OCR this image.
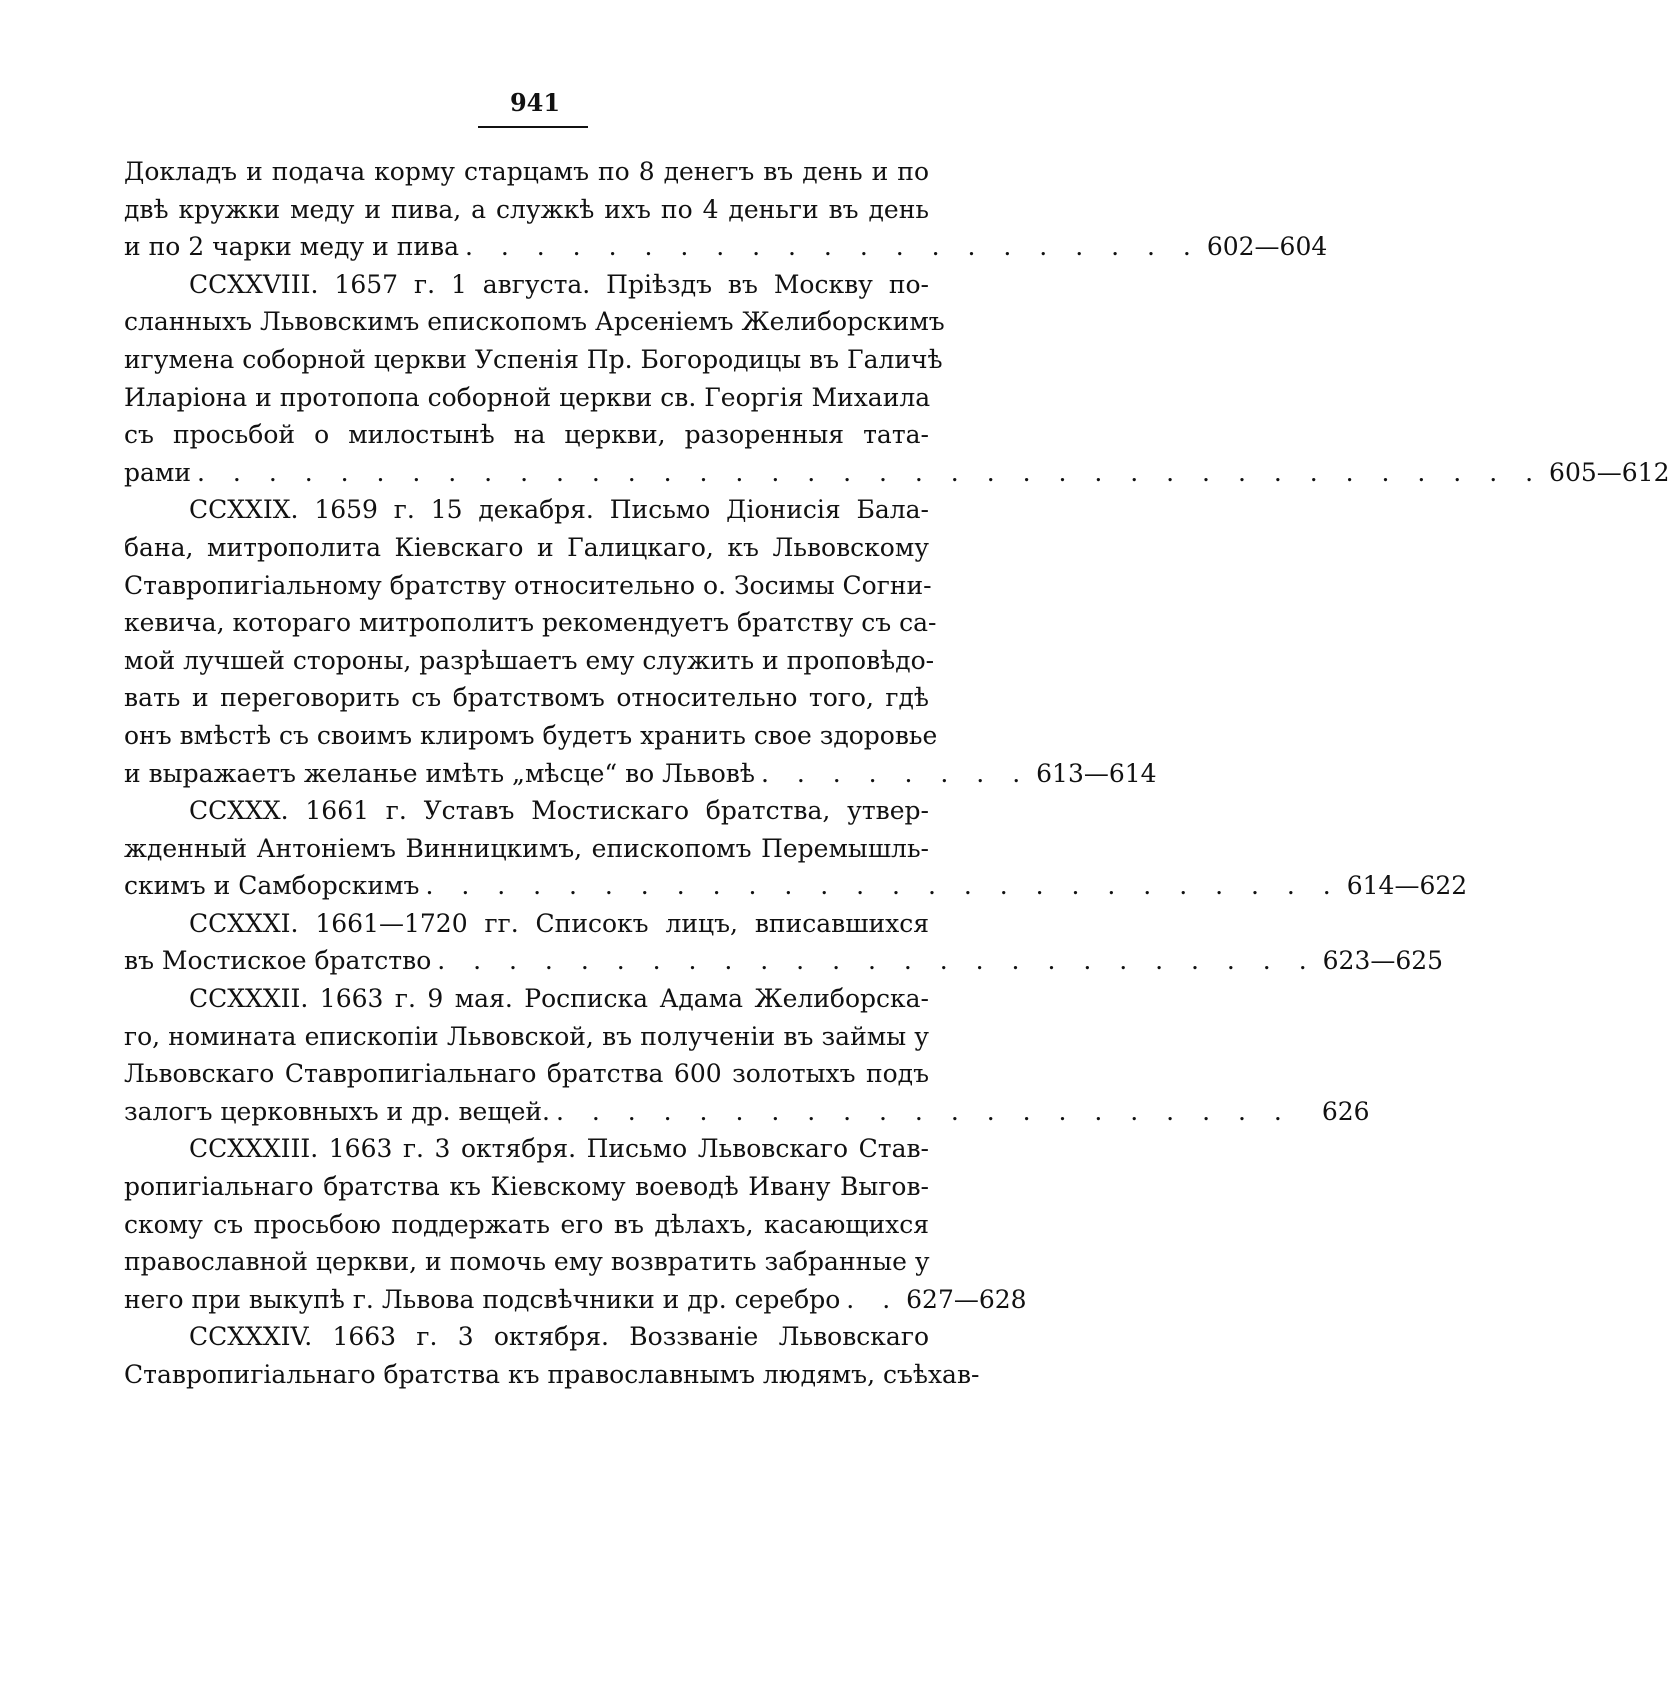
941
Докладъ и подача корму старцамъ по 8 денегъ въ день и по
двѣ кружки меду и пива, а служкѣ ихъ по 4 деньги въ день
и по 2 чарки меду и пива . . . . . . . . . . . . . . . . . . . . . 602—604
CCXXVIII. 1657 г. 1 августа. Пріѣздъ въ Москву по-
сланныхъ Львовскимъ епископомъ Арсеніемъ Желиборскимъ
игумена соборной церкви Успенія Пр. Богородицы въ Галичѣ
Иларіона и протопопа соборной церкви св. Георгія Михаила
съ просьбой о милостынѣ на церкви, разоренныя тата-
рами . . . . . . . . . . . . . . . . . . . . . . . . . . . . . . . . . . . . . . 605—612
CCXXIX. 1659 г. 15 декабря. Письмо Діонисія Бала-
бана, митрополита Кіевскаго и Галицкаго, къ Львовскому
Ставропигіальному братству относительно о. Зосимы Согни-
кевича, котораго митрополитъ рекомендуетъ братству съ са-
мой лучшей стороны, разрѣшаетъ ему служить и проповѣдо-
вать и переговорить съ братствомъ относительно того, гдѣ
онъ вмѣстѣ съ своимъ клиромъ будетъ хранить свое здоровье
и выражаетъ желанье имѣть „мѣсце“ во Львовѣ . . . . . . . . 613—614
CCXXX. 1661 г. Уставъ Мостискаго братства, утвер-
жденный Антоніемъ Винницкимъ, епископомъ Перемышль-
скимъ и Самборскимъ . . . . . . . . . . . . . . . . . . . . . . . . . . 614—622
CCXXXI. 1661—1720 гг. Списокъ лицъ, вписавшихся
въ Мостиское братство . . . . . . . . . . . . . . . . . . . . . . . . . 623—625
CCXXXII. 1663 г. 9 мая. Росписка Адама Желиборска-
го, номината епископіи Львовской, въ полученіи въ займы у
Львовскаго Ставропигіальнаго братства 600 золотыхъ подъ
залогъ церковныхъ и др. вещей. . . . . . . . . . . . . . . . . . . . . .	626
CCXXXIII. 1663 г. 3 октября. Письмо Львовскаго Став-
ропигіальнаго братства къ Кіевскому воеводѣ Ивану Выгов-
скому съ просьбою поддержать его въ дѣлахъ, касающихся
православной церкви, и помочь ему возвратить забранные у
него при выкупѣ г. Львова подсвѣчники и др. серебро . . 627—628
CCXXXIV. 1663 г. 3 октября. Воззваніе Львовскаго
Ставропигіальнаго братства къ православнымъ людямъ, съѣхав-
